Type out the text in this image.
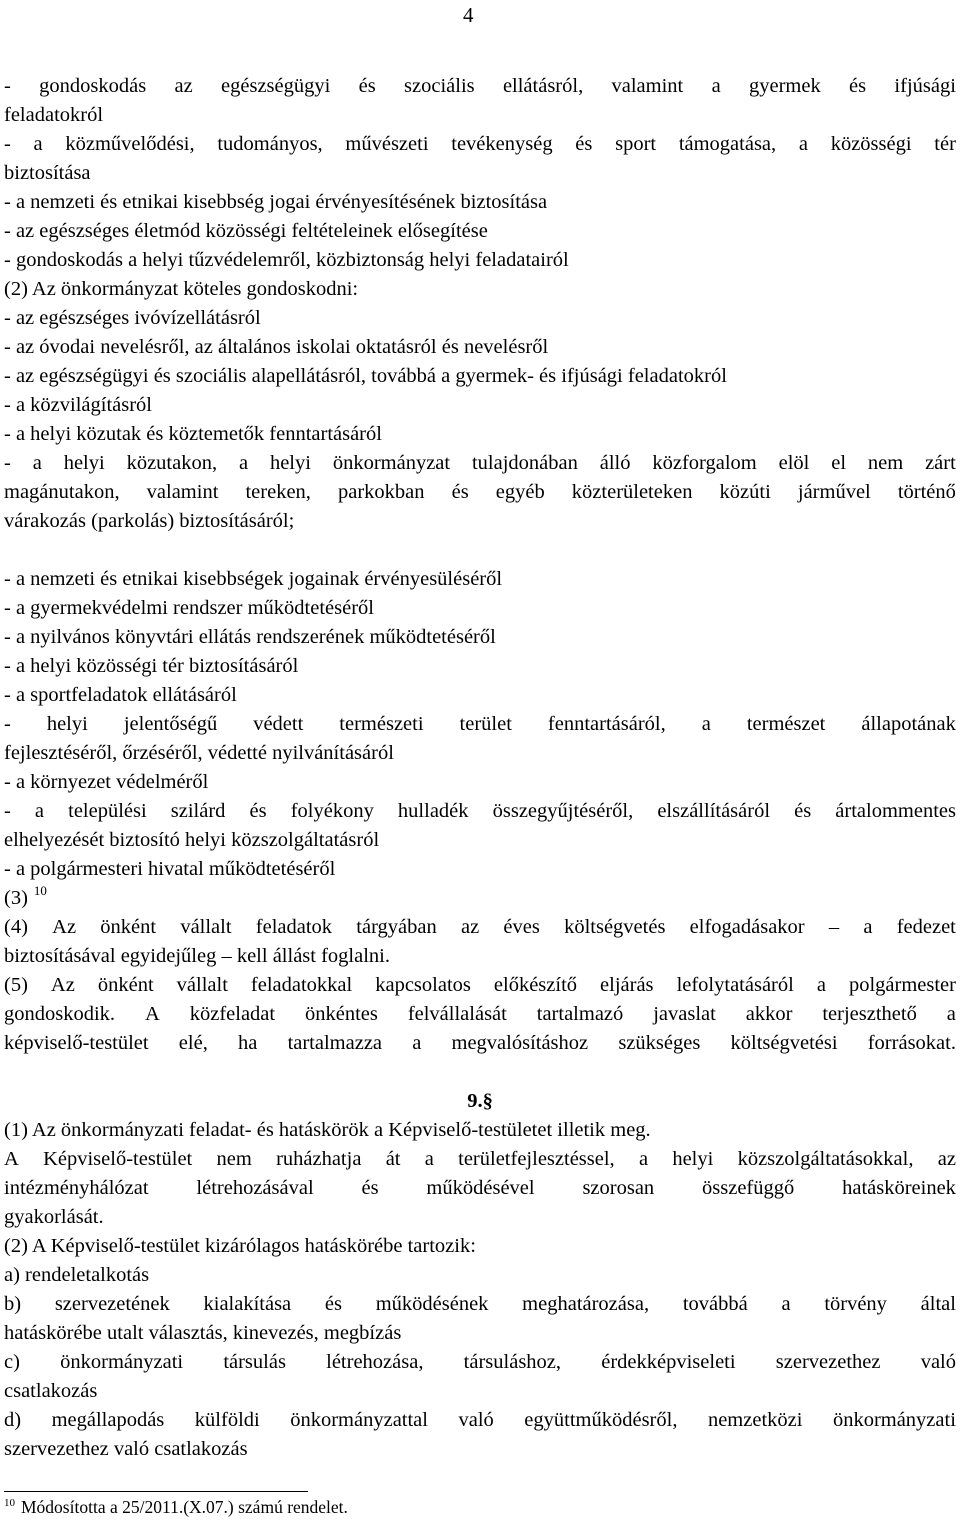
4
- gondoskodás az egészségügyi és szociális ellátásról, valamint a gyermek és ifjúsági
feladatokról
- a közművelődési, tudományos, művészeti tevékenység és sport támogatása, a közösségi tér
biztosítása
- a nemzeti és etnikai kisebbség jogai érvényesítésének biztosítása
- az egészséges életmód közösségi feltételeinek elősegítése
- gondoskodás a helyi tűzvédelemről, közbiztonság helyi feladatairól
(2) Az önkormányzat köteles gondoskodni:
- az egészséges ivóvízellátásról
- az óvodai nevelésről, az általános iskolai oktatásról és nevelésről
- az egészségügyi és szociális alapellátásról, továbbá a gyermek- és ifjúsági feladatokról
- a közvilágításról
- a helyi közutak és köztemetők fenntartásáról
- a helyi közutakon, a helyi önkormányzat tulajdonában álló közforgalom elöl el nem zárt
magánutakon, valamint tereken, parkokban és egyéb közterületeken közúti járművel történő
várakozás (parkolás) biztosításáról;
- a nemzeti és etnikai kisebbségek jogainak érvényesüléséről
- a gyermekvédelmi rendszer működtetéséről
- a nyilvános könyvtári ellátás rendszerének működtetéséről
- a helyi közösségi tér biztosításáról
- a sportfeladatok ellátásáról
- helyi jelentőségű védett természeti terület fenntartásáról, a természet állapotának
fejlesztéséről, őrzéséről, védetté nyilvánításáról
- a környezet védelméről
- a települési szilárd és folyékony hulladék összegyűjtéséről, elszállításáról és ártalommentes
elhelyezését biztosító helyi közszolgáltatásról
- a polgármesteri hivatal működtetéséről
(3) $^{10}$
(4) Az önként vállalt feladatok tárgyában az éves költségvetés elfogadásakor – a fedezet
biztosításával egyidejűleg – kell állást foglalni.
(5) Az önként vállalt feladatokkal kapcsolatos előkészítő eljárás lefolytatásáról a polgármester
gondoskodik. A közfeladat önkéntes felvállalását tartalmazó javaslat akkor terjeszthető a
képviselő-testület elé, ha tartalmazza a megvalósításhoz szükséges költségvetési forrásokat.
9.§
(1) Az önkormányzati feladat- és hatáskörök a Képviselő-testületet illetik meg.
A Képviselő-testület nem ruházhatja át a területfejlesztéssel, a helyi közszolgáltatásokkal, az
intézményhálózat létrehozásával és működésével szorosan összefüggő hatásköreinek
gyakorlását.
(2) A Képviselő-testület kizárólagos hatáskörébe tartozik:
a) rendeletalkotás
b) szervezetének kialakítása és működésének meghatározása, továbbá a törvény által
hatáskörébe utalt választás, kinevezés, megbízás
c) önkormányzati társulás létrehozása, társuláshoz, érdekképviseleti szervezethez való
csatlakozás
d) megállapodás külföldi önkormányzattal való együttműködésről, nemzetközi önkormányzati
szervezethez való csatlakozás
$^{10}$ Módosította a 25/2011.(X.07.) számú rendelet.
